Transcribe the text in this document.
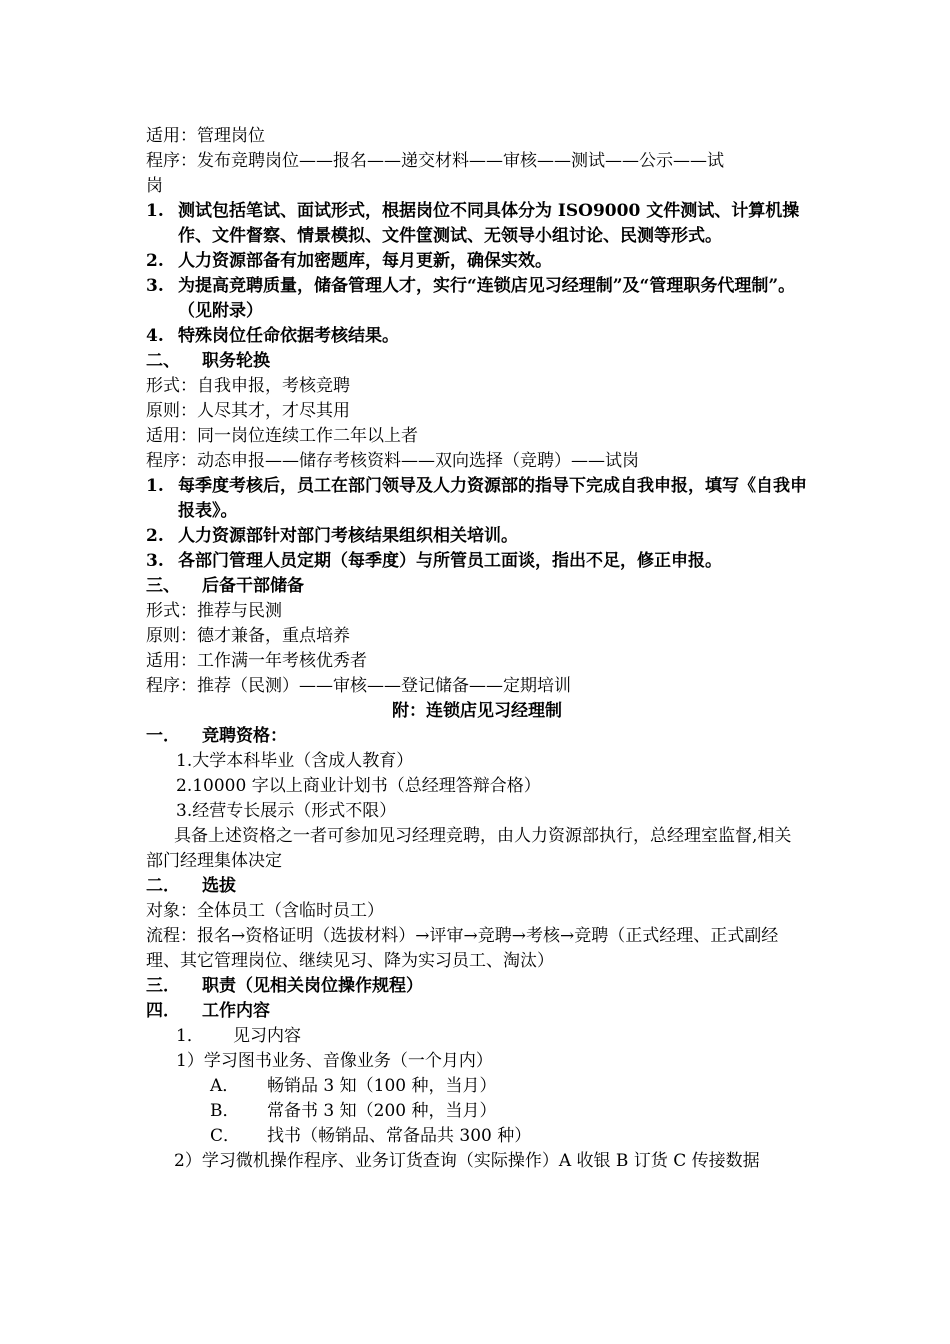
适用：管理岗位
程序：发布竞聘岗位——报名——递交材料——审核——测试——公示——试
岗
1. 测试包括笔试、面试形式，根据岗位不同具体分为 ISO9000 文件测试、计算机操作、文件督察、情景模拟、文件筐测试、无领导小组讨论、民测等形式。
2. 人力资源部备有加密题库，每月更新，确保实效。
3. 为提高竞聘质量，储备管理人才，实行“连锁店见习经理制”及“管理职务代理制”。（见附录）
4. 特殊岗位任命依据考核结果。
二、	职务轮换
形式：自我申报，考核竞聘
原则：人尽其才，才尽其用
适用：同一岗位连续工作二年以上者
程序：动态申报——储存考核资料——双向选择（竞聘）——试岗
1. 每季度考核后，员工在部门领导及人力资源部的指导下完成自我申报，填写《自我申报表》。
2. 人力资源部针对部门考核结果组织相关培训。
3. 各部门管理人员定期（每季度）与所管员工面谈，指出不足，修正申报。
三、	后备干部储备
形式：推荐与民测
原则：德才兼备，重点培养
适用：工作满一年考核优秀者
程序：推荐（民测）——审核——登记储备——定期培训
附：连锁店见习经理制
一．	竞聘资格：
1.大学本科毕业（含成人教育）
2.10000 字以上商业计划书（总经理答辩合格）
3.经营专长展示（形式不限）
具备上述资格之一者可参加见习经理竞聘，由人力资源部执行，总经理室监督,相关部门经理集体决定
二．	选拔
对象：全体员工（含临时员工）
流程：报名→资格证明（选拔材料）→评审→竞聘→考核→竞聘（正式经理、正式副经理、其它管理岗位、继续见习、降为实习员工、淘汰）
三．	职责（见相关岗位操作规程）
四．	工作内容
1．	见习内容
1）学习图书业务、音像业务（一个月内）
A．	畅销品 3 知（100 种，当月）
B．	常备书 3 知（200 种，当月）
C．	找书（畅销品、常备品共 300 种）
2）学习微机操作程序、业务订货查询（实际操作）A 收银 B 订货 C 传接数据
